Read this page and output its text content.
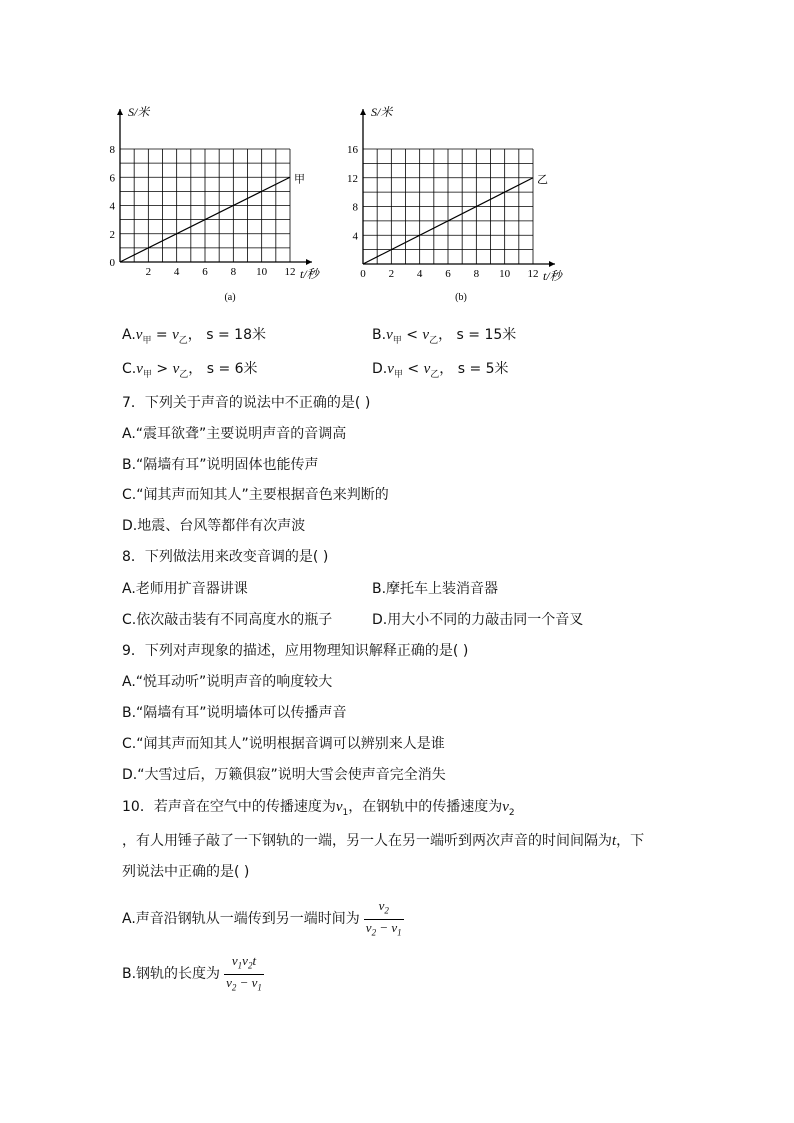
2 4 6 8 10 12
0
2
4
6
8
t/秒
S/米
甲
(a)
0 2 4 6 8 10 12
4
8
12
16
t/秒
S/米
乙
(b)
$A.v_甲 = v_乙$， s = 18米	$B.v_甲 < v_乙$， s = 15米
$C.v_甲 > v_乙$， s = 6米	$D.v_甲 < v_乙$， s = 5米
7．下列关于声音的说法中不正确的是( )
A.“震耳欲聋”主要说明声音的音调高
B.“隔墙有耳”说明固体也能传声
C.“闻其声而知其人”主要根据音色来判断的
D.地震、台风等都伴有次声波
8．下列做法用来改变音调的是( )
A.老师用扩音器讲课	B.摩托车上装消音器
C.依次敲击装有不同高度水的瓶子	D.用大小不同的力敲击同一个音叉
9．下列对声现象的描述，应用物理知识解释正确的是( )
A.“悦耳动听”说明声音的响度较大
B.“隔墙有耳”说明墙体可以传播声音
C.“闻其声而知其人”说明根据音调可以辨别来人是谁
D.“大雪过后，万籁俱寂”说明大雪会使声音完全消失
10．若声音在空气中的传播速度为$v_1$，在钢轨中的传播速度为$v_2$
，有人用锤子敲了一下钢轨的一端，另一人在另一端听到两次声音的时间间隔为t，下
列说法中正确的是( )
A.声音沿钢轨从一端传到另一端时间为 $\frac{v_2}{v_2 - v_1}$
B.钢轨的长度为 $\frac{v_1v_2t}{v_2 - v_1}$
